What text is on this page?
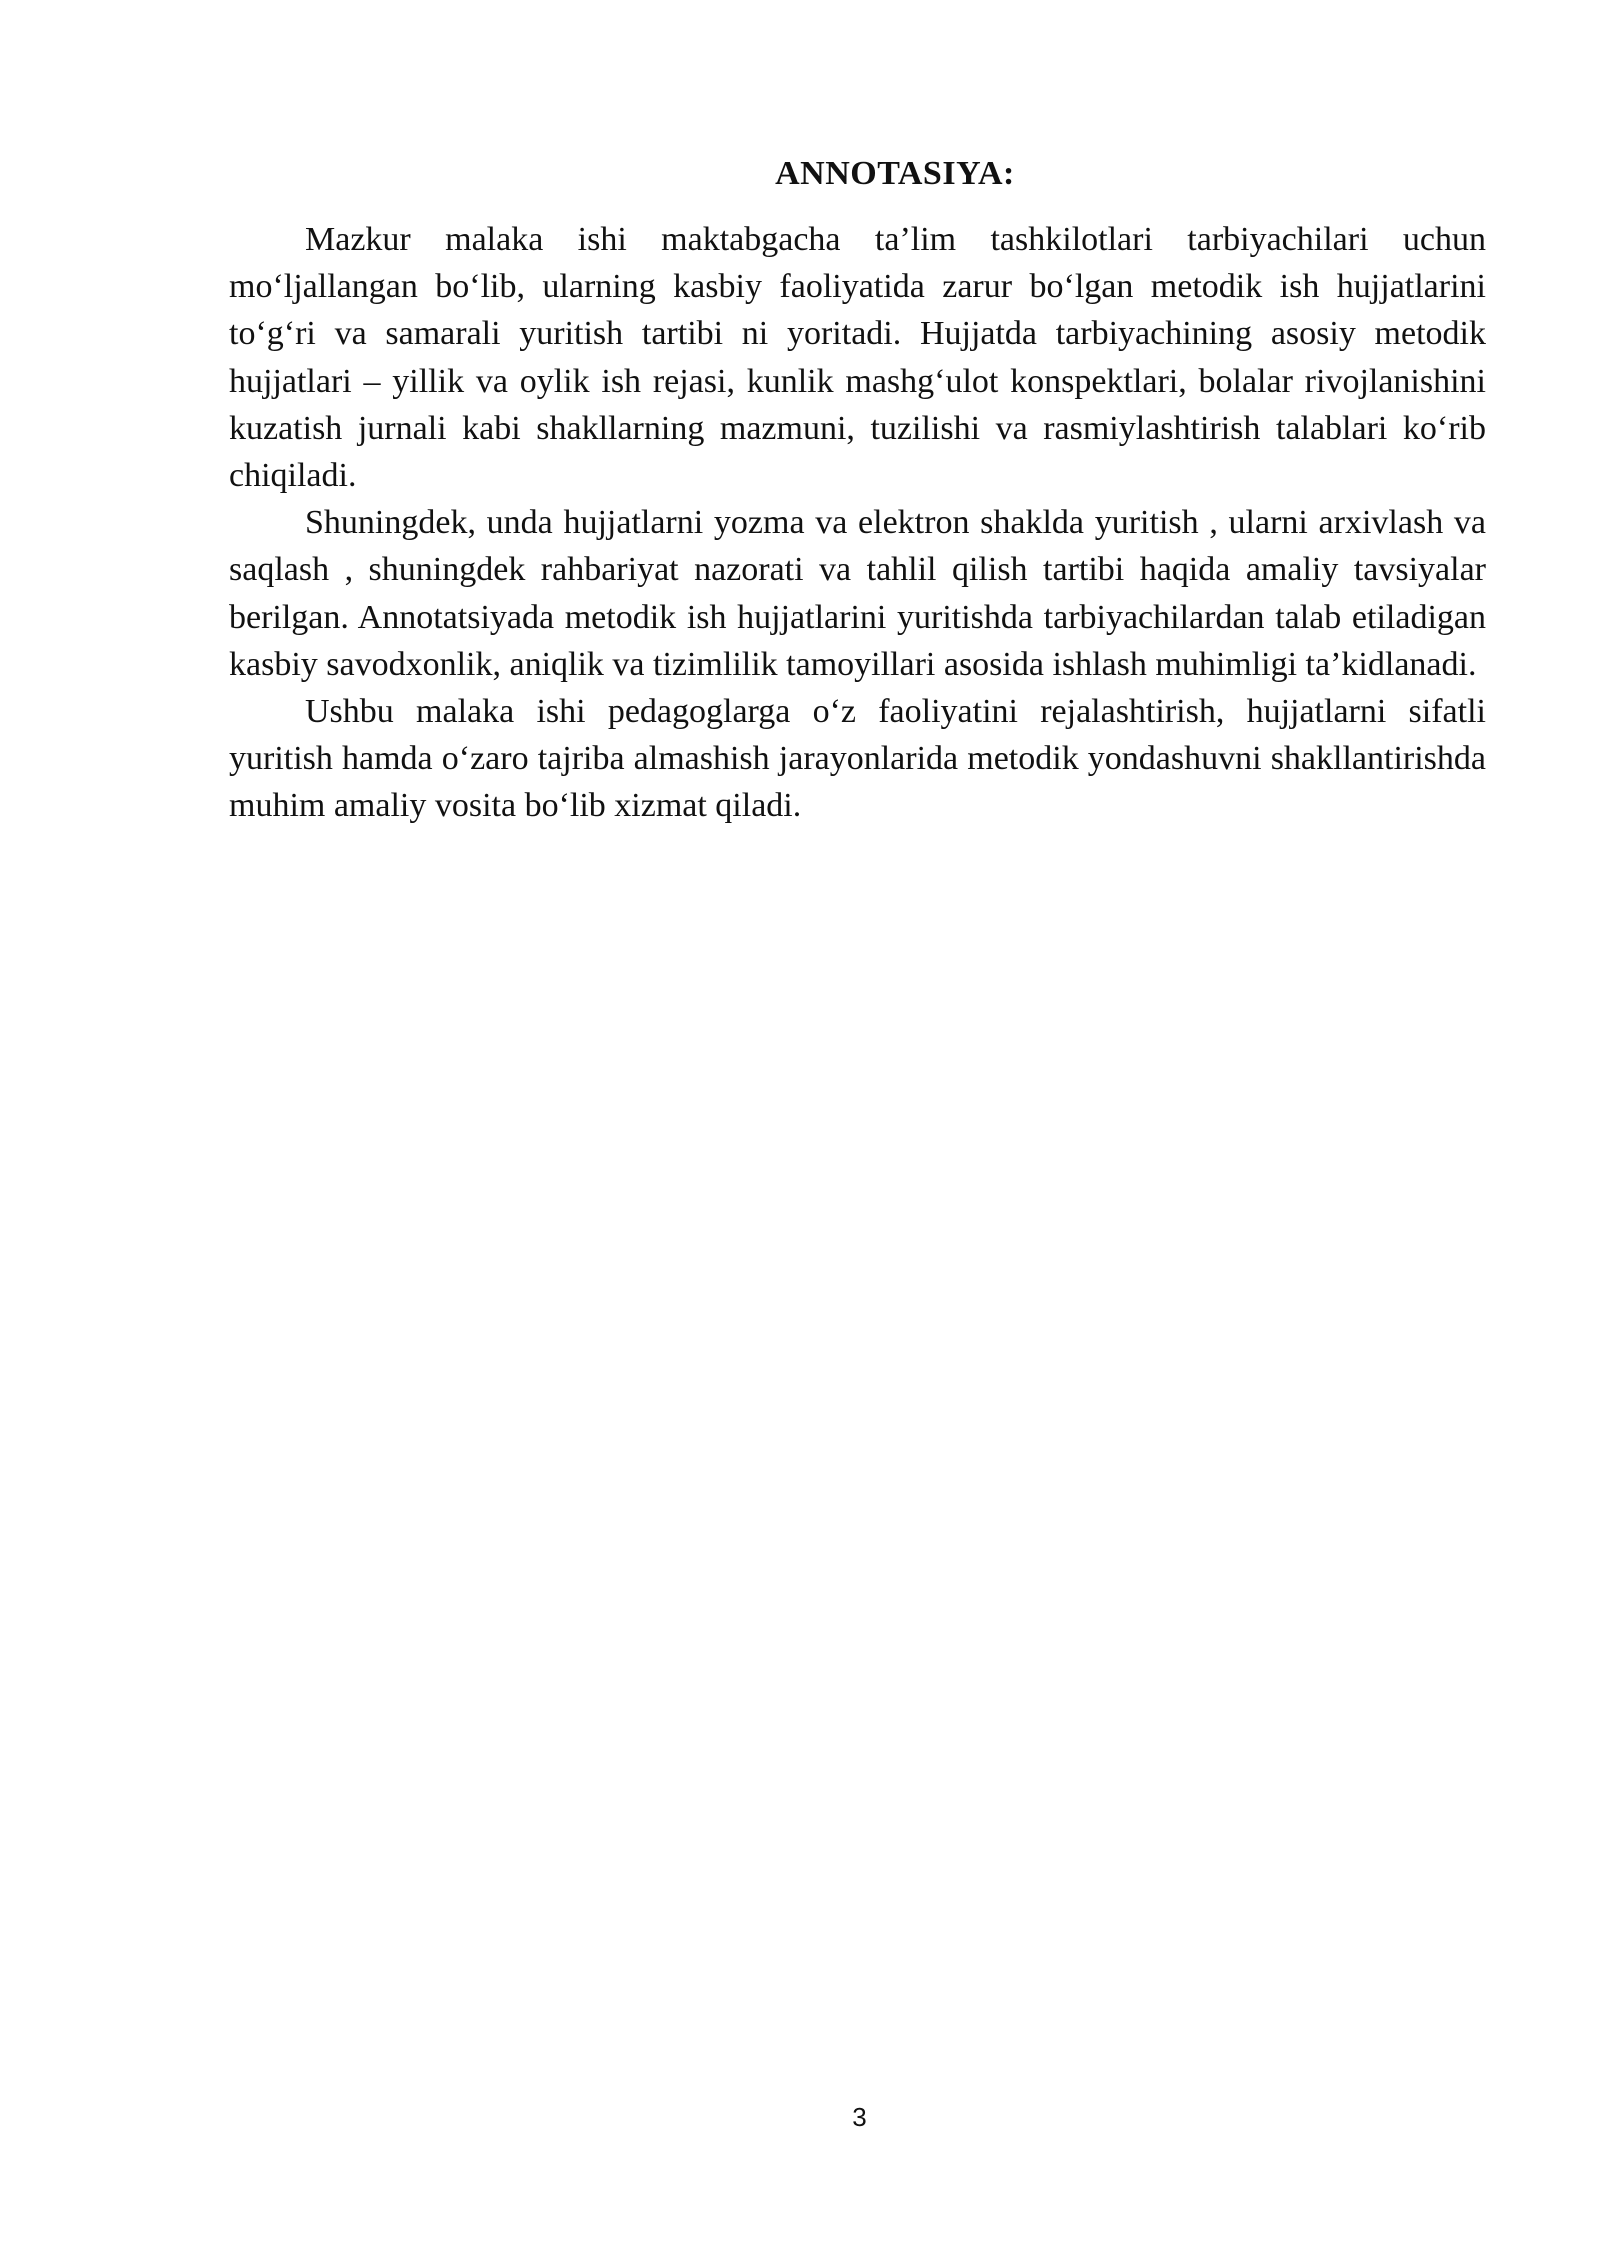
ANNOTASIYA:

Mazkur malaka ishi maktabgacha ta’lim tashkilotlari tarbiyachilari uchun mo‘ljallangan bo‘lib, ularning kasbiy faoliyatida zarur bo‘lgan metodik ish hujjatlarini to‘g‘ri va samarali yuritish tartibi ni yoritadi. Hujjatda tarbiyachining asosiy metodik hujjatlari – yillik va oylik ish rejasi, kunlik mashg‘ulot konspektlari, bolalar rivojlanishini kuzatish jurnali kabi shakllarning mazmuni, tuzilishi va rasmiylashtirish talablari ko‘rib chiqiladi.

Shuningdek, unda hujjatlarni yozma va elektron shaklda yuritish , ularni arxivlash va saqlash , shuningdek rahbariyat nazorati va tahlil qilish tartibi haqida amaliy tavsiyalar berilgan. Annotatsiyada metodik ish hujjatlarini yuritishda tarbiyachilardan talab etiladigan kasbiy savodxonlik, aniqlik va tizimlilik tamoyillari asosida ishlash muhimligi ta’kidlanadi.

Ushbu malaka ishi pedagoglarga o‘z faoliyatini rejalashtirish, hujjatlarni sifatli yuritish hamda o‘zaro tajriba almashish jarayonlarida metodik yondashuvni shakllantirishda muhim amaliy vosita bo‘lib xizmat qiladi.

3
